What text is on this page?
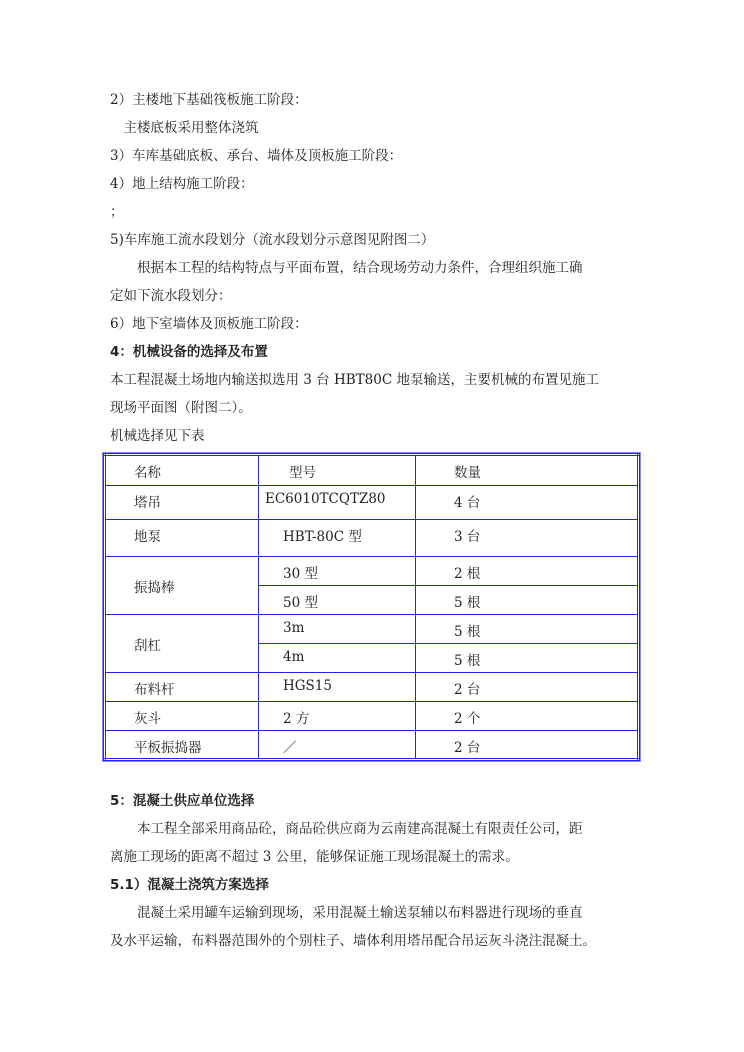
2）主楼地下基础筏板施工阶段：
　主楼底板采用整体浇筑
3）车库基础底板、承台、墙体及顶板施工阶段：
4）地上结构施工阶段：
；
5)车库施工流水段划分（流水段划分示意图见附图二）
　　根据本工程的结构特点与平面布置，结合现场劳动力条件，合理组织施工确
定如下流水段划分：
6）地下室墙体及顶板施工阶段：
4：机械设备的选择及布置
本工程混凝土场地内输送拟选用 3 台 HBT80C 地泵输送，主要机械的布置见施工
现场平面图（附图二）。
机械选择见下表
名称	型号	数量

塔吊	EC6010TCQTZ80	4 台

地泵	HBT-80C 型	3 台

振捣棒	30 型	2 根

	50 型	5 根

刮杠	3m	5 根

	4m	5 根

布料杆	HGS15	2 台

灰斗	2 方	2 个

平板振捣器	／	2 台
5：混凝土供应单位选择
　　本工程全部采用商品砼，商品砼供应商为云南建高混凝土有限责任公司，距
离施工现场的距离不超过 3 公里，能够保证施工现场混凝土的需求。
5.1）混凝土浇筑方案选择
　　混凝土采用罐车运输到现场，采用混凝土输送泵辅以布料器进行现场的垂直
及水平运输，布料器范围外的个别柱子、墙体利用塔吊配合吊运灰斗浇注混凝土。
